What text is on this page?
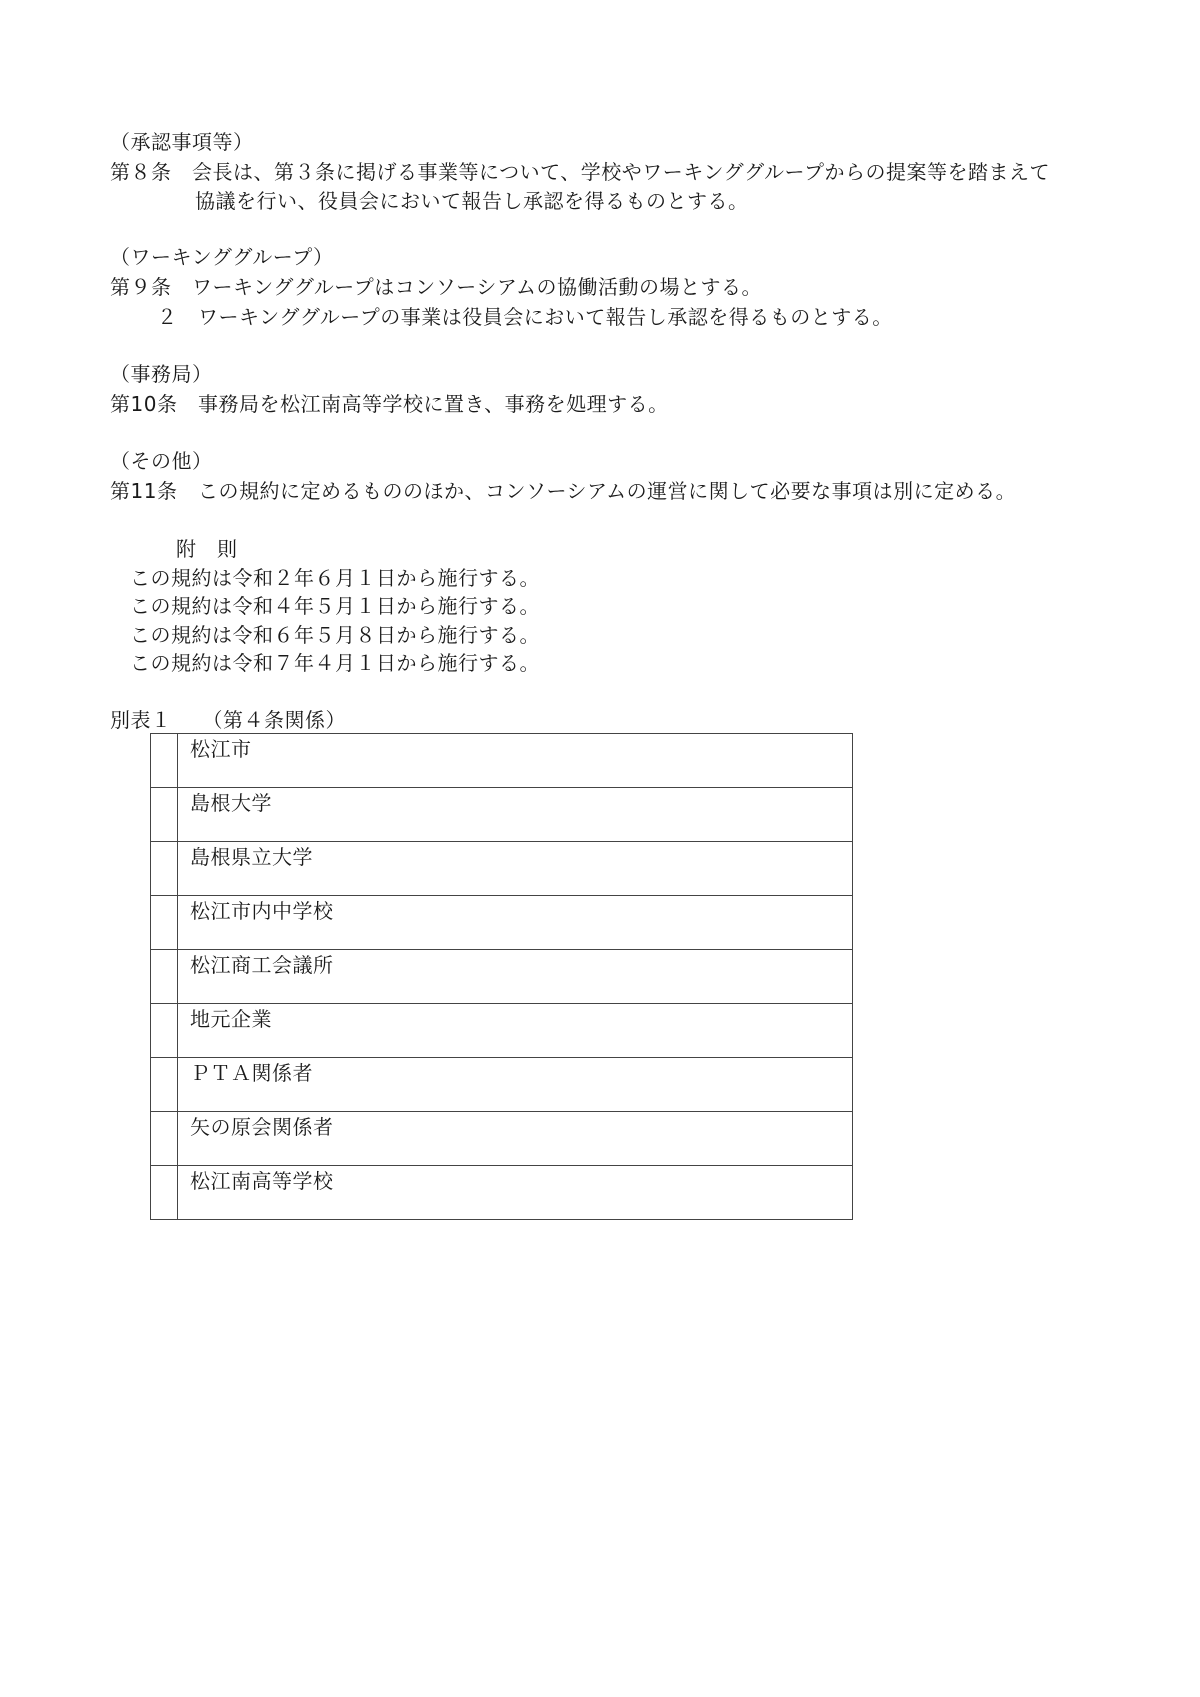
（承認事項等）
第８条　会長は、第３条に掲げる事業等について、学校やワーキンググループからの提案等を踏まえて
協議を行い、役員会において報告し承認を得るものとする。
（ワーキンググループ）
第９条　ワーキンググループはコンソーシアムの協働活動の場とする。
２　ワーキンググループの事業は役員会において報告し承認を得るものとする。
（事務局）
第10条　事務局を松江南高等学校に置き、事務を処理する。
（その他）
第11条　この規約に定めるもののほか、コンソーシアムの運営に関して必要な事項は別に定める。
附　則
この規約は令和２年６月１日から施行する。
この規約は令和４年５月１日から施行する。
この規約は令和６年５月８日から施行する。
この規約は令和７年４月１日から施行する。
別表１　　（第４条関係）
	松江市
	島根大学
	島根県立大学
	松江市内中学校
	松江商工会議所
	地元企業
	ＰＴＡ関係者
	矢の原会関係者
	松江南高等学校
